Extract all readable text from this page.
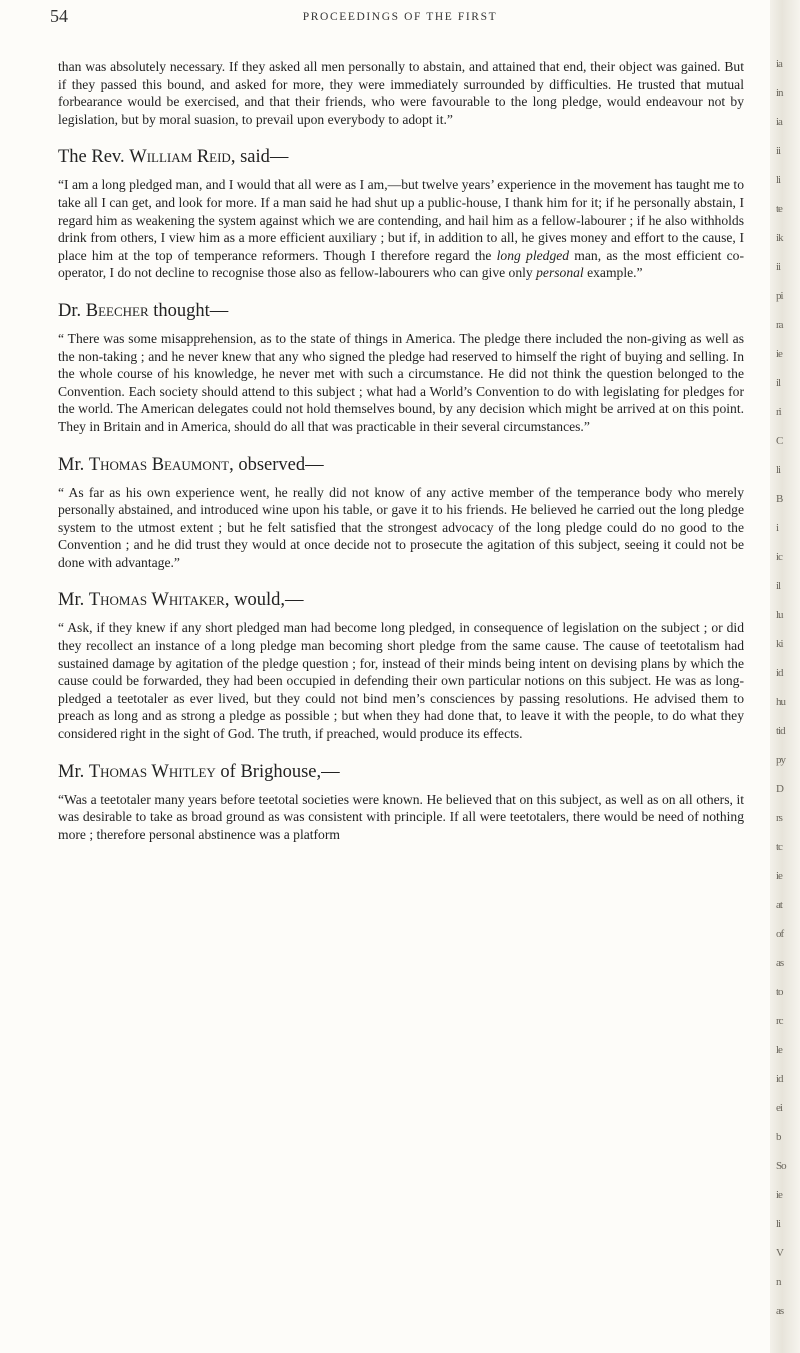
ia
in
ia
ii
li
te
ik
ii
pi
ra
ie
il
ri
C
li
B
i
ic
il
lu
ki
id
hu
tid
py
D
rs
tc
ie
at
of
as
to
rc
le
id
ei
b
So
ie
li
V
n
as
54	PROCEEDINGS OF THE FIRST

than was absolutely necessary. If they asked all men personally to abstain, and attained that end, their object was gained. But if they passed this bound, and asked for more, they were immediately surrounded by difficulties. He trusted that mutual forbearance would be exercised, and that their friends, who were favourable to the long pledge, would endeavour not by legislation, but by moral suasion, to prevail upon everybody to adopt it.”

The Rev. William Reid, said—

“I am a long pledged man, and I would that all were as I am,—but twelve years’ experience in the movement has taught me to take all I can get, and look for more. If a man said he had shut up a public-house, I thank him for it; if he personally abstain, I regard him as weakening the system against which we are contending, and hail him as a fellow-labourer ; if he also withholds drink from others, I view him as a more efficient auxiliary ; but if, in addition to all, he gives money and effort to the cause, I place him at the top of temperance reformers. Though I therefore regard the long pledged man, as the most efficient co-operator, I do not decline to recognise those also as fellow-labourers who can give only personal example.”

Dr. Beecher thought—

“ There was some misapprehension, as to the state of things in America. The pledge there included the non-giving as well as the non-taking ; and he never knew that any who signed the pledge had reserved to himself the right of buying and selling. In the whole course of his knowledge, he never met with such a circumstance. He did not think the question belonged to the Convention. Each society should attend to this subject ; what had a World’s Convention to do with legislating for pledges for the world. The American delegates could not hold themselves bound, by any decision which might be arrived at on this point. They in Britain and in America, should do all that was practicable in their several circumstances.”

Mr. Thomas Beaumont, observed—

“ As far as his own experience went, he really did not know of any active member of the temperance body who merely personally abstained, and introduced wine upon his table, or gave it to his friends. He believed he carried out the long pledge system to the utmost extent ; but he felt satisfied that the strongest advocacy of the long pledge could do no good to the Convention ; and he did trust they would at once decide not to prosecute the agitation of this subject, seeing it could not be done with advantage.”

Mr. Thomas Whitaker, would,—

“ Ask, if they knew if any short pledged man had become long pledged, in consequence of legislation on the subject ; or did they recollect an instance of a long pledge man becoming short pledge from the same cause. The cause of teetotalism had sustained damage by agitation of the pledge question ; for, instead of their minds being intent on devising plans by which the cause could be forwarded, they had been occupied in defending their own particular notions on this subject. He was as long-pledged a teetotaler as ever lived, but they could not bind men’s consciences by passing resolutions. He advised them to preach as long and as strong a pledge as possible ; but when they had done that, to leave it with the people, to do what they considered right in the sight of God. The truth, if preached, would produce its effects.

Mr. Thomas Whitley of Brighouse,—

“Was a teetotaler many years before teetotal societies were known. He believed that on this subject, as well as on all others, it was desirable to take as broad ground as was consistent with principle. If all were teetotalers, there would be need of nothing more ; therefore personal abstinence was a platform
